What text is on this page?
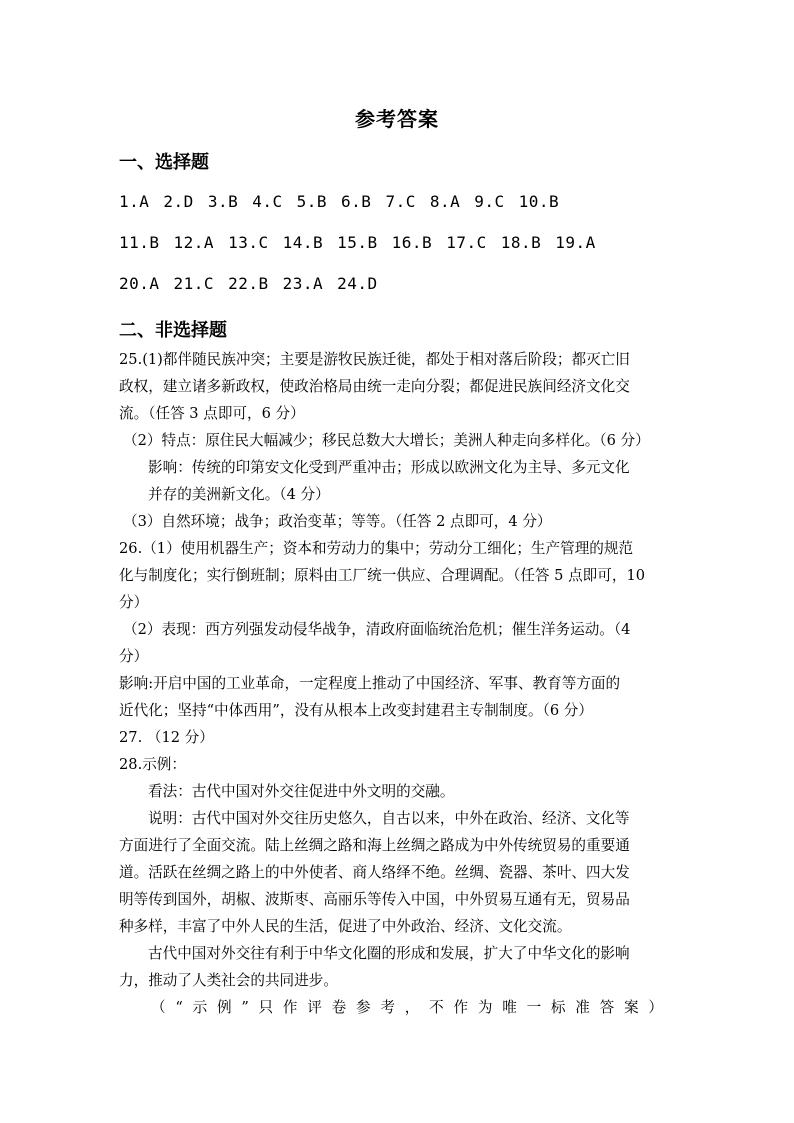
参考答案
一、选择题
1.A 2.D 3.B 4.C 5.B 6.B 7.C 8.A 9.C 10.B
11.B 12.A 13.C 14.B 15.B 16.B 17.C 18.B 19.A
20.A 21.C 22.B 23.A 24.D
二、非选择题
25.(1)都伴随民族冲突；主要是游牧民族迁徙，都处于相对落后阶段；都灭亡旧
政权，建立诸多新政权，使政治格局由统一走向分裂；都促进民族间经济文化交
流。（任答 3 点即可，6 分）
（2）特点：原住民大幅减少；移民总数大大增长；美洲人种走向多样化。（6 分）
影响：传统的印第安文化受到严重冲击；形成以欧洲文化为主导、多元文化
并存的美洲新文化。（4 分）
（3）自然环境；战争；政治变革；等等。（任答 2 点即可，4 分）
26.（1）使用机器生产；资本和劳动力的集中；劳动分工细化；生产管理的规范
化与制度化；实行倒班制；原料由工厂统一供应、合理调配。（任答 5 点即可，10
分）
（2）表现：西方列强发动侵华战争，清政府面临统治危机；催生洋务运动。（4
分）
影响:开启中国的工业革命，一定程度上推动了中国经济、军事、教育等方面的
近代化；坚持“中体西用”，没有从根本上改变封建君主专制制度。（6 分）
27. （12 分）
28.示例：
看法：古代中国对外交往促进中外文明的交融。
说明：古代中国对外交往历史悠久，自古以来，中外在政治、经济、文化等
方面进行了全面交流。陆上丝绸之路和海上丝绸之路成为中外传统贸易的重要通
道。活跃在丝绸之路上的中外使者、商人络绎不绝。丝绸、瓷器、茶叶、四大发
明等传到国外，胡椒、波斯枣、高丽乐等传入中国，中外贸易互通有无，贸易品
种多样，丰富了中外人民的生活，促进了中外政治、经济、文化交流。
古代中国对外交往有利于中华文化圈的形成和发展，扩大了中华文化的影响
力，推动了人类社会的共同进步。
（“示例”只作评卷参考，不作为唯一标准答案）
